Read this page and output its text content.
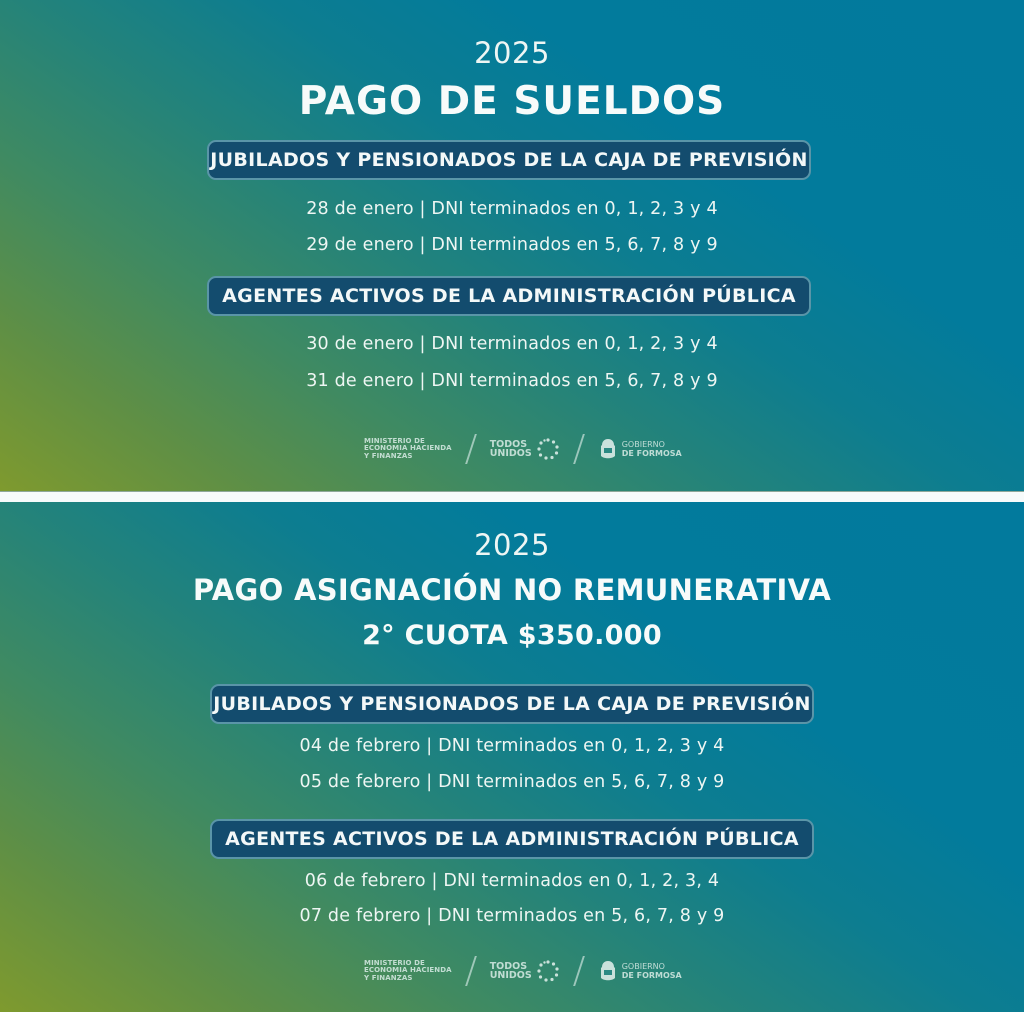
2025
PAGO DE SUELDOS
JUBILADOS Y PENSIONADOS DE LA CAJA DE PREVISIÓN
28 de enero | DNI terminados en 0, 1, 2, 3 y 4
29 de enero | DNI terminados en 5, 6, 7, 8 y 9
AGENTES ACTIVOS DE LA ADMINISTRACIÓN PÚBLICA
30 de enero | DNI terminados en 0, 1, 2, 3 y 4
31 de enero | DNI terminados en 5, 6, 7, 8 y 9
MINISTERIO DE
ECONOMIA HACIENDA
Y FINANZAS
TODOS
UNIDOS
GOBIERNO
DE FORMOSA
2025
PAGO ASIGNACIÓN NO REMUNERATIVA
2° CUOTA $350.000
JUBILADOS Y PENSIONADOS DE LA CAJA DE PREVISIÓN
04 de febrero | DNI terminados en 0, 1, 2, 3 y 4
05 de febrero | DNI terminados en 5, 6, 7, 8 y 9
AGENTES ACTIVOS DE LA ADMINISTRACIÓN PÚBLICA
06 de febrero | DNI terminados en 0, 1, 2, 3, 4
07 de febrero | DNI terminados en 5, 6, 7, 8 y 9
MINISTERIO DE
ECONOMIA HACIENDA
Y FINANZAS
TODOS
UNIDOS
GOBIERNO
DE FORMOSA
